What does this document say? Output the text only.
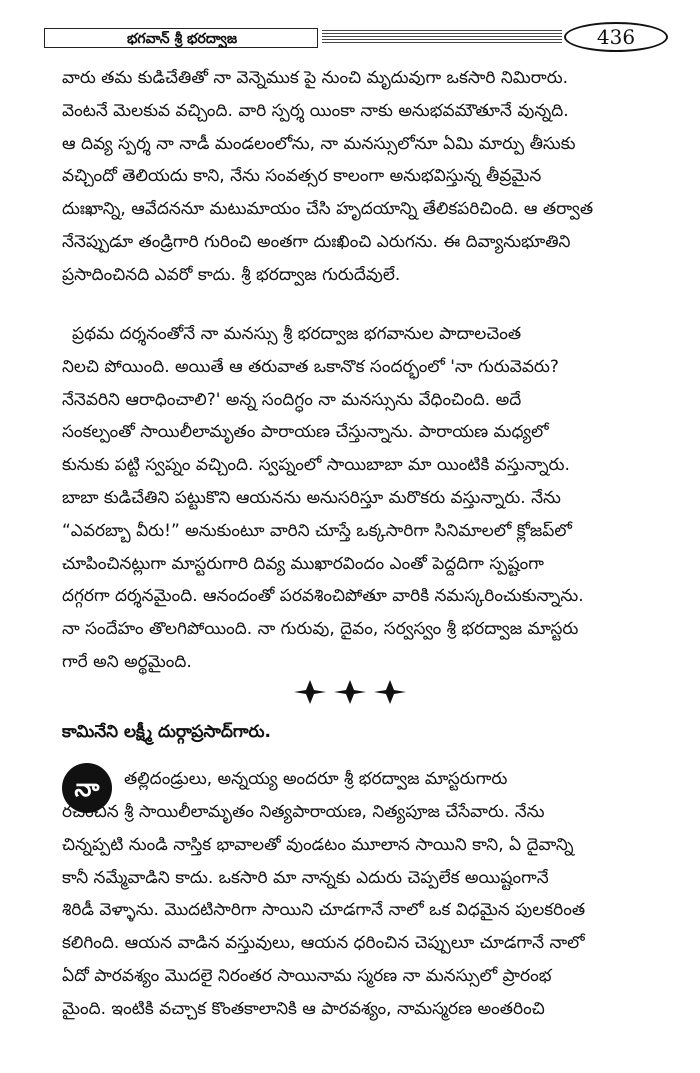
భగవాన్ శ్రీ భరద్వాజ	436
వారు తమ కుడిచేతితో నా వెన్నెముక పై నుంచి మృదువుగా ఒకసారి నిమిరారు.
వెంటనే మెలకువ వచ్చింది. వారి స్పర్శ యింకా నాకు అనుభవమౌతూనే వున్నది.
ఆ దివ్య స్పర్శ నా నాడీ మండలంలోను, నా మనస్సులోనూ ఏమి మార్పు తీసుకు
వచ్చిందో తెలియదు కాని, నేను సంవత్సర కాలంగా అనుభవిస్తున్న తీవ్రమైన
దుఃఖాన్ని, ఆవేదననూ మటుమాయం చేసి హృదయాన్ని తేలికపరిచింది. ఆ తర్వాత
నేనెప్పుడూ తండ్రిగారి గురించి అంతగా దుఃఖించి ఎరుగను. ఈ దివ్యానుభూతిని
ప్రసాదించినది ఎవరో కాదు. శ్రీ భరద్వాజ గురుదేవులే.
ప్రథమ దర్శనంతోనే నా మనస్సు శ్రీ భరద్వాజ భగవానుల పాదాలచెంత
నిలచి పోయింది. అయితే ఆ తరువాత ఒకానొక సందర్భంలో 'నా గురువెవరు?
నేనెవరిని ఆరాధించాలి?' అన్న సందిగ్ధం నా మనస్సును వేధించింది. అదే
సంకల్పంతో సాయిలీలామృతం పారాయణ చేస్తున్నాను. పారాయణ మధ్యలో
కునుకు పట్టి స్వప్నం వచ్చింది. స్వప్నంలో సాయిబాబా మా యింటికి వస్తున్నారు.
బాబా కుడిచేతిని పట్టుకొని ఆయనను అనుసరిస్తూ మరొకరు వస్తున్నారు. నేను
“ఎవరబ్బా వీరు!” అనుకుంటూ వారిని చూస్తే ఒక్కసారిగా సినిమాలలో క్లోజప్‌లో
చూపించినట్లుగా మాస్టరుగారి దివ్య ముఖారవిందం ఎంతో పెద్దదిగా స్పష్టంగా
దగ్గరగా దర్శనమైంది. ఆనందంతో పరవశించిపోతూ వారికి నమస్కరించుకున్నాను.
నా సందేహం తొలగిపోయింది. నా గురువు, దైవం, సర్వస్వం శ్రీ భరద్వాజ మాస్టరు
గారే అని అర్థమైంది.
కామినేని లక్ష్మీ దుర్గాప్రసాద్‌గారు.
నా	తల్లిదండ్రులు, అన్నయ్య అందరూ శ్రీ భరద్వాజ మాస్టరుగారు
రచించిన శ్రీ సాయిలీలామృతం నిత్యపారాయణ, నిత్యపూజ చేసేవారు. నేను
చిన్నప్పటి నుండి నాస్తిక భావాలతో వుండటం మూలాన సాయిని కాని, ఏ దైవాన్ని
కానీ నమ్మేవాడిని కాదు. ఒకసారి మా నాన్నకు ఎదురు చెప్పలేక అయిష్టంగానే
శిరిడీ వెళ్ళాను. మొదటిసారిగా సాయిని చూడగానే నాలో ఒక విధమైన పులకరింత
కలిగింది. ఆయన వాడిన వస్తువులు, ఆయన ధరించిన చెప్పులూ చూడగానే నాలో
ఏదో పారవశ్యం మొదలై నిరంతర సాయినామ స్మరణ నా మనస్సులో ప్రారంభ
మైంది. ఇంటికి వచ్చాక కొంతకాలానికి ఆ పారవశ్యం, నామస్మరణ అంతరించి
